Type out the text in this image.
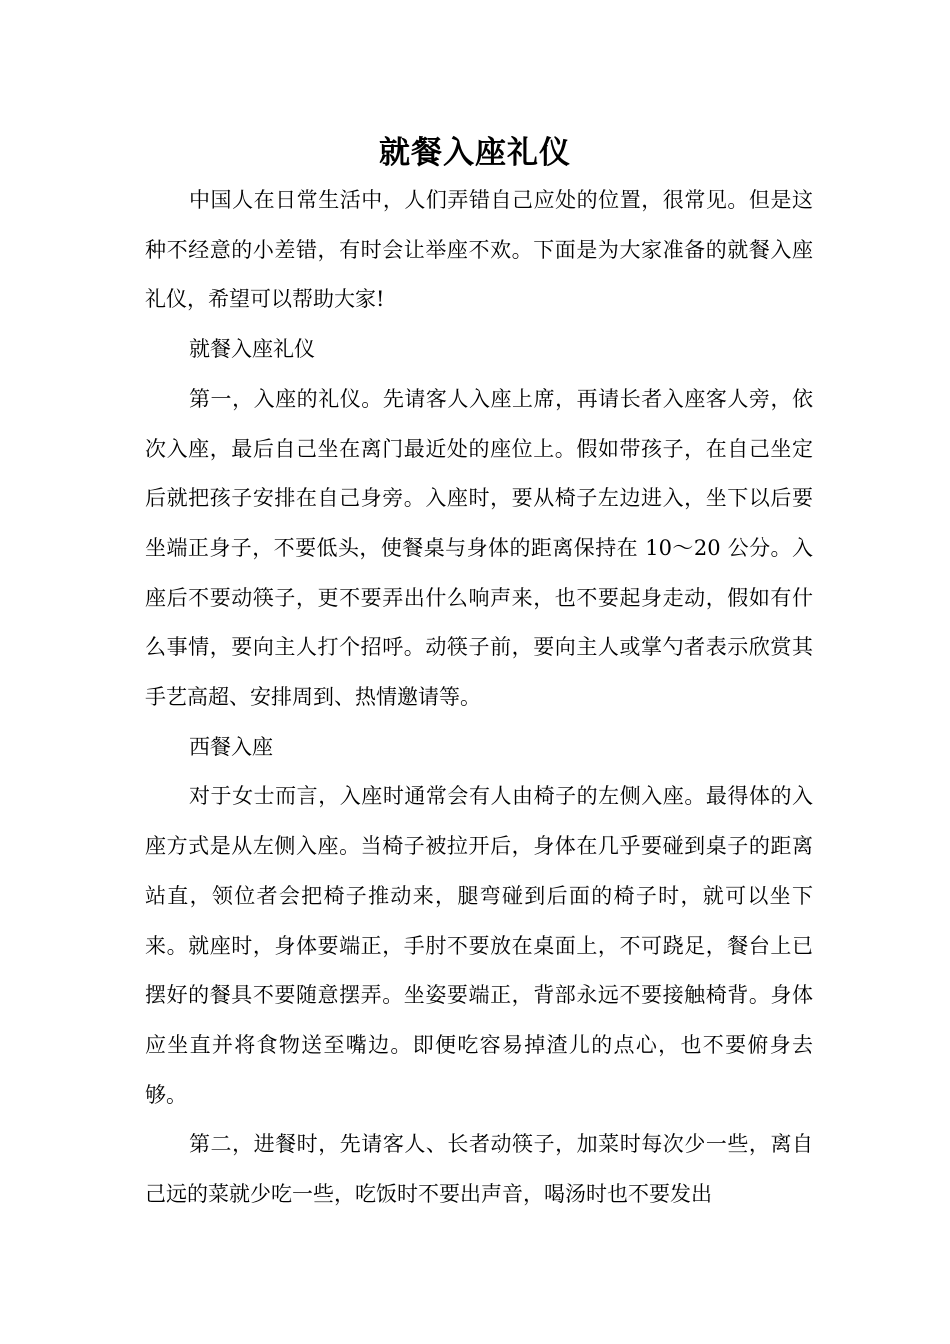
就餐入座礼仪

中国人在日常生活中，人们弄错自己应处的位置，很常见。但是这种不经意的小差错，有时会让举座不欢。下面是为大家准备的就餐入座礼仪，希望可以帮助大家!

就餐入座礼仪

第一，入座的礼仪。先请客人入座上席，再请长者入座客人旁，依次入座，最后自己坐在离门最近处的座位上。假如带孩子，在自己坐定后就把孩子安排在自己身旁。入座时，要从椅子左边进入，坐下以后要坐端正身子，不要低头，使餐桌与身体的距离保持在 10～20 公分。入座后不要动筷子，更不要弄出什么响声来，也不要起身走动，假如有什么事情，要向主人打个招呼。动筷子前，要向主人或掌勺者表示欣赏其手艺高超、安排周到、热情邀请等。

西餐入座

对于女士而言，入座时通常会有人由椅子的左侧入座。最得体的入座方式是从左侧入座。当椅子被拉开后，身体在几乎要碰到桌子的距离站直，领位者会把椅子推动来，腿弯碰到后面的椅子时，就可以坐下来。就座时，身体要端正，手肘不要放在桌面上，不可跷足，餐台上已摆好的餐具不要随意摆弄。坐姿要端正，背部永远不要接触椅背。身体应坐直并将食物送至嘴边。即便吃容易掉渣儿的点心，也不要俯身去够。

第二，进餐时，先请客人、长者动筷子，加菜时每次少一些，离自己远的菜就少吃一些，吃饭时不要出声音，喝汤时也不要发出
